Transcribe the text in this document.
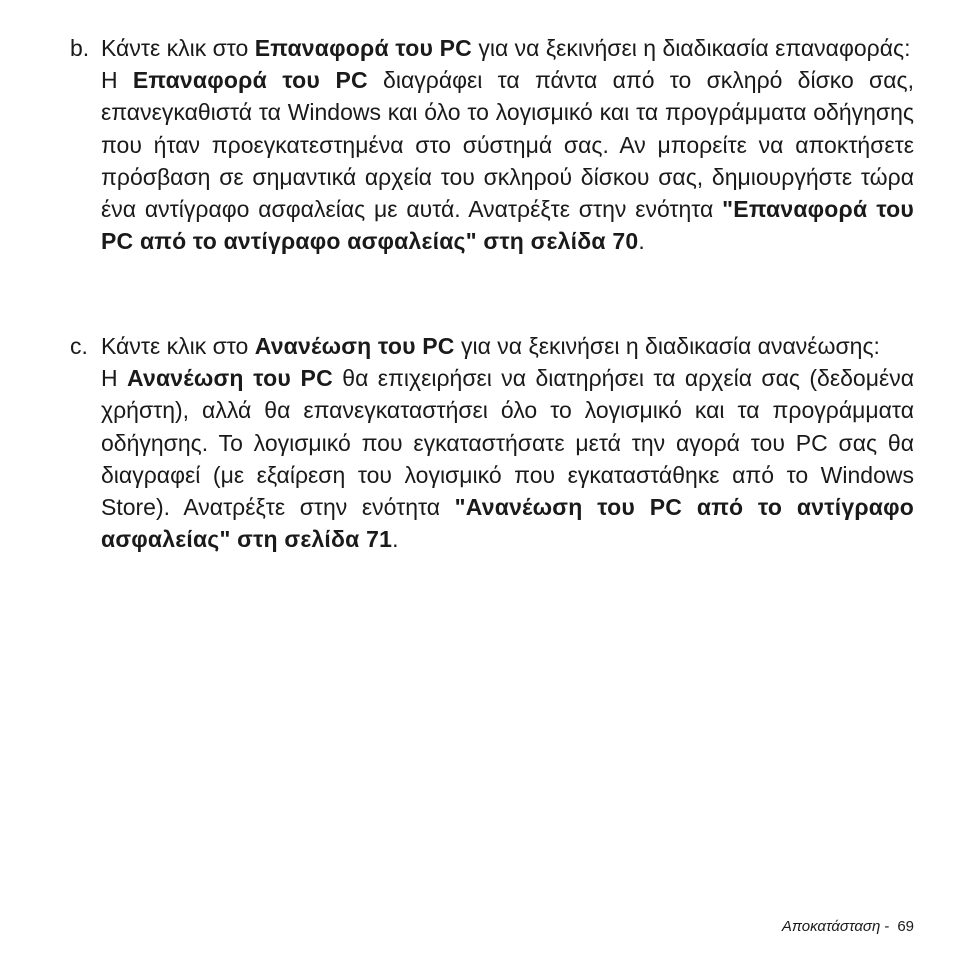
b. Κάντε κλικ στο Επαναφορά του PC για να ξεκινήσει η διαδικασία επαναφοράς:

Η Επαναφορά του PC διαγράφει τα πάντα από το σκληρό δίσκο σας, επανεγκαθιστά τα Windows και όλο το λογισμικό και τα προγράμματα οδήγησης που ήταν προεγκατεστημένα στο σύστημά σας. Αν μπορείτε να αποκτήσετε πρόσβαση σε σημαντικά αρχεία του σκληρού δίσκου σας, δημιουργήστε τώρα ένα αντίγραφο ασφαλείας με αυτά. Ανατρέξτε στην ενότητα "Επαναφορά του PC από το αντίγραφο ασφαλείας" στη σελίδα 70.

c. Κάντε κλικ στο Ανανέωση του PC για να ξεκινήσει η διαδικασία ανανέωσης:

Η Ανανέωση του PC θα επιχειρήσει να διατηρήσει τα αρχεία σας (δεδομένα χρήστη), αλλά θα επανεγκαταστήσει όλο το λογισμικό και τα προγράμματα οδήγησης. Το λογισμικό που εγκαταστήσατε μετά την αγορά του PC σας θα διαγραφεί (με εξαίρεση του λογισμικό που εγκαταστάθηκε από το Windows Store). Ανατρέξτε στην ενότητα "Ανανέωση του PC από το αντίγραφο ασφαλείας" στη σελίδα 71.

Αποκατάσταση - 69
